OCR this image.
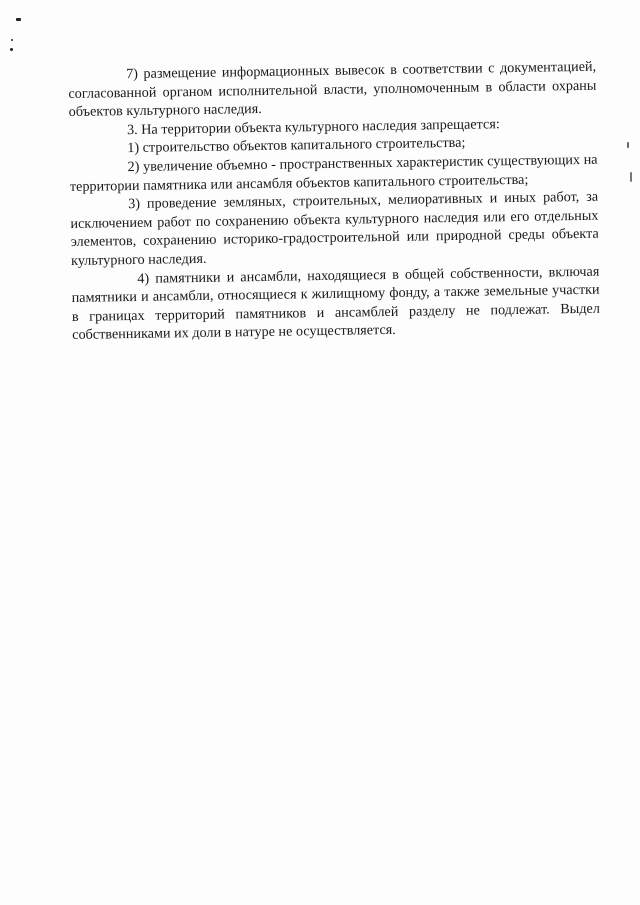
7) размещение информационных вывесок в соответствии с документацией, согласованной органом исполнительной власти, уполномоченным в области охраны объектов культурного наследия.

3. На территории объекта культурного наследия запрещается:

1) строительство объектов капитального строительства;

2) увеличение объемно - пространственных характеристик существующих на территории памятника или ансамбля объектов капитального строительства;

3) проведение земляных, строительных, мелиоративных и иных работ, за исключением работ по сохранению объекта культурного наследия или его отдельных элементов, сохранению историко-градостроительной или природной среды объекта культурного наследия.

4) памятники и ансамбли, находящиеся в общей собственности, включая памятники и ансамбли, относящиеся к жилищному фонду, а также земельные участки в границах территорий памятников и ансамблей разделу не подлежат. Выдел собственниками их доли в натуре не осуществляется.
